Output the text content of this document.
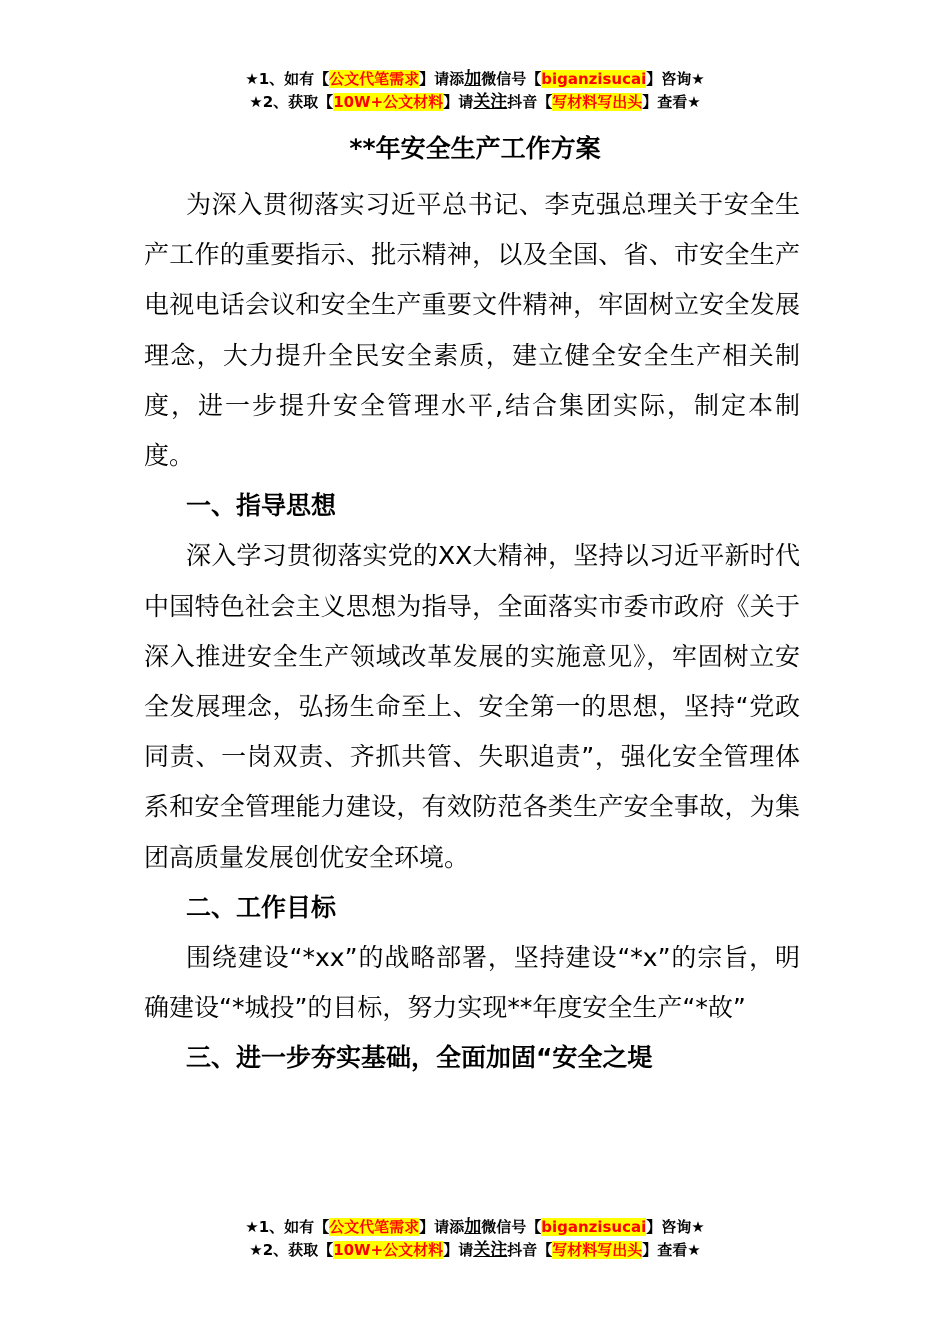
★1、如有【公文代笔需求】请添加微信号【biganzisucai】咨询★
★2、获取【10W+公文材料】请关注抖音【写材料写出头】查看★
**年安全生产工作方案

为深入贯彻落实习近平总书记、李克强总理关于安全生产工作的重要指示、批示精神，以及全国、省、市安全生产电视电话会议和安全生产重要文件精神，牢固树立安全发展理念，大力提升全民安全素质，建立健全安全生产相关制度，进一步提升安全管理水平,结合集团实际，制定本制度。

一、指导思想

深入学习贯彻落实党的XX大精神，坚持以习近平新时代中国特色社会主义思想为指导，全面落实市委市政府《关于深入推进安全生产领域改革发展的实施意见》，牢固树立安全发展理念，弘扬生命至上、安全第一的思想，坚持“党政同责、一岗双责、齐抓共管、失职追责”，强化安全管理体系和安全管理能力建设，有效防范各类生产安全事故，为集团高质量发展创优安全环境。

二、工作目标

围绕建设“*xx”的战略部署，坚持建设“*x”的宗旨，明确建设“*城投”的目标，努力实现**年度安全生产“*故”

三、进一步夯实基础，全面加固“安全之堤

★1、如有【公文代笔需求】请添加微信号【biganzisucai】咨询★
★2、获取【10W+公文材料】请关注抖音【写材料写出头】查看★
